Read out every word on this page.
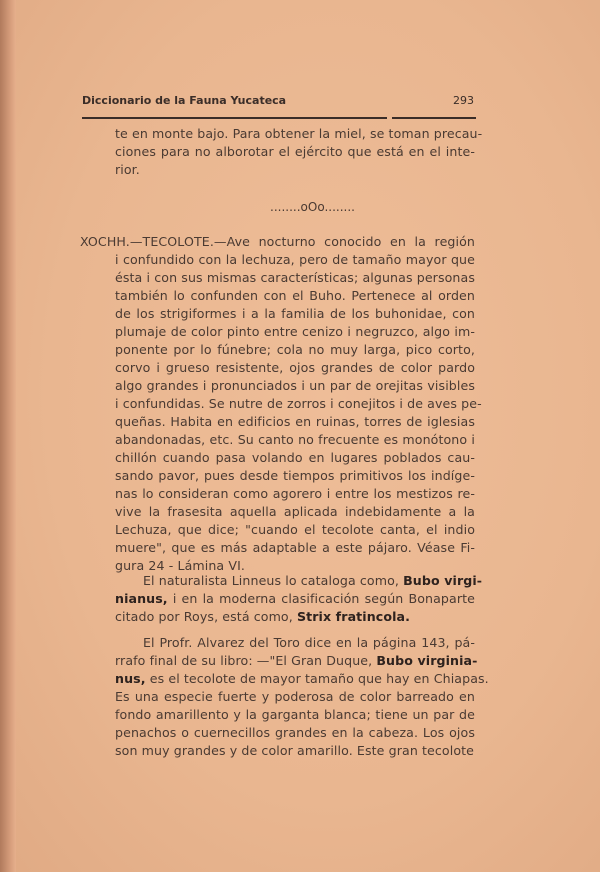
Diccionario de la Fauna Yucateca	293
te en monte bajo. Para obtener la miel, se toman precau-
ciones para no alborotar el ejército que está en el inte-
rior.
........oOo........
XOCHH.—TECOLOTE.—Ave nocturno conocido en la región
i confundido con la lechuza, pero de tamaño mayor que
ésta i con sus mismas características; algunas personas
también lo confunden con el Buho. Pertenece al orden
de los strigiformes i a la familia de los buhonidae, con
plumaje de color pinto entre cenizo i negruzco, algo im-
ponente por lo fúnebre; cola no muy larga, pico corto,
corvo i grueso resistente, ojos grandes de color pardo
algo grandes i pronunciados i un par de orejitas visibles
i confundidas. Se nutre de zorros i conejitos i de aves pe-
queñas. Habita en edificios en ruinas, torres de iglesias
abandonadas, etc. Su canto no frecuente es monótono i
chillón cuando pasa volando en lugares poblados cau-
sando pavor, pues desde tiempos primitivos los indíge-
nas lo consideran como agorero i entre los mestizos re-
vive la frasesita aquella aplicada indebidamente a la
Lechuza, que dice; "cuando el tecolote canta, el indio
muere", que es más adaptable a este pájaro. Véase Fi-
gura 24 - Lámina VI.
El naturalista Linneus lo cataloga como, Bubo virgi-
nianus, i en la moderna clasificación según Bonaparte
citado por Roys, está como, Strix fratincola.
El Profr. Alvarez del Toro dice en la página 143, pá-
rrafo final de su libro: —"El Gran Duque, Bubo virginia-
nus, es el tecolote de mayor tamaño que hay en Chiapas.
Es una especie fuerte y poderosa de color barreado en
fondo amarillento y la garganta blanca; tiene un par de
penachos o cuernecillos grandes en la cabeza. Los ojos
son muy grandes y de color amarillo. Este gran tecolote
